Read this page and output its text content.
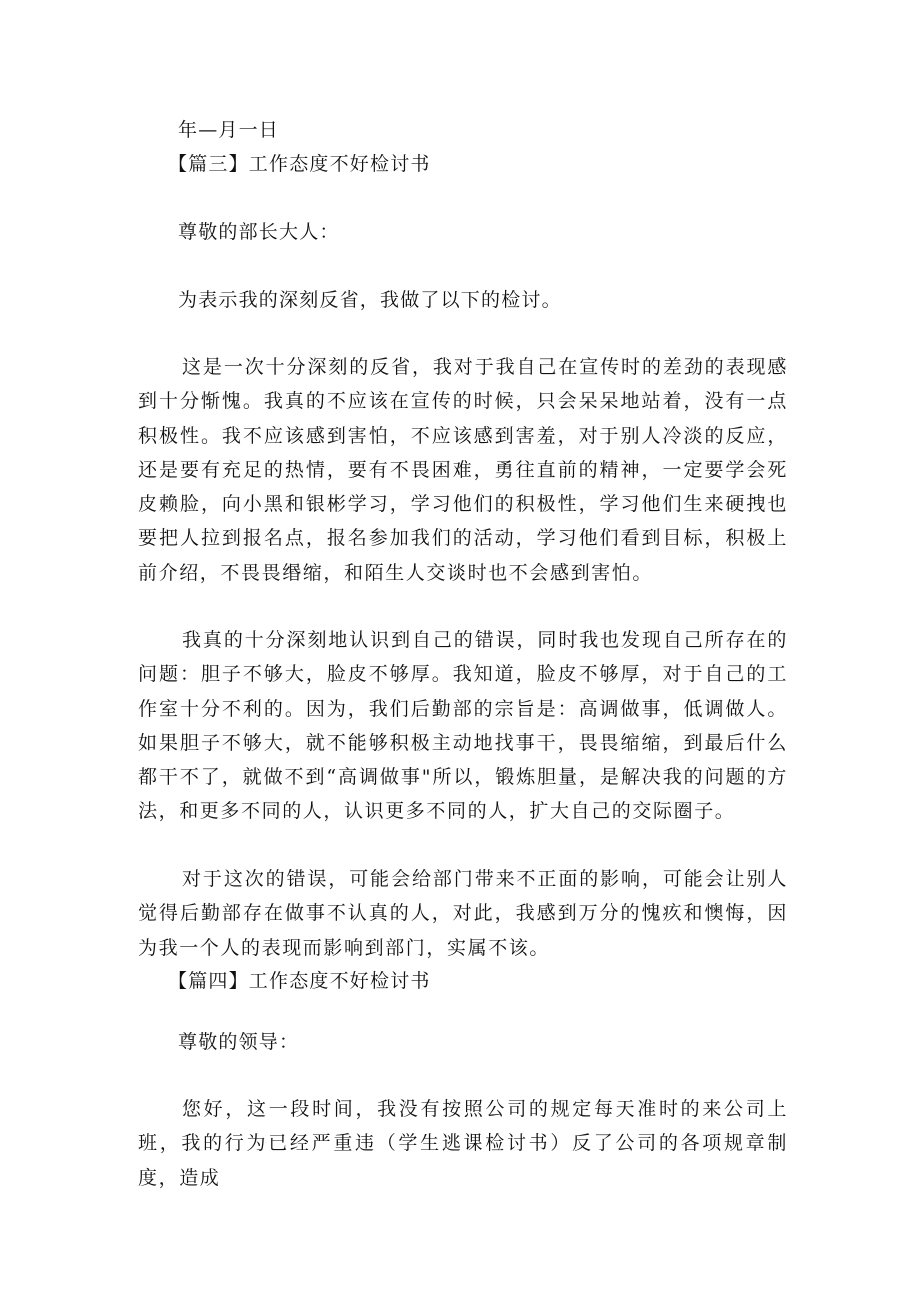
年—月一日
【篇三】工作态度不好检讨书
尊敬的部长大人：
为表示我的深刻反省，我做了以下的检讨。
这是一次十分深刻的反省，我对于我自己在宣传时的差劲的表现感到十分惭愧。我真的不应该在宣传的时候，只会呆呆地站着，没有一点积极性。我不应该感到害怕，不应该感到害羞，对于别人冷淡的反应，还是要有充足的热情，要有不畏困难，勇往直前的精神，一定要学会死皮赖脸，向小黑和银彬学习，学习他们的积极性，学习他们生来硬拽也要把人拉到报名点，报名参加我们的活动，学习他们看到目标，积极上前介绍，不畏畏缗缩，和陌生人交谈时也不会感到害怕。
我真的十分深刻地认识到自己的错误，同时我也发现自己所存在的问题：胆子不够大，脸皮不够厚。我知道，脸皮不够厚，对于自己的工作室十分不利的。因为，我们后勤部的宗旨是：高调做事，低调做人。如果胆子不够大，就不能够积极主动地找事干，畏畏缩缩，到最后什么都干不了，就做不到“高调做事"所以，锻炼胆量，是解决我的问题的方法，和更多不同的人，认识更多不同的人，扩大自己的交际圈子。
对于这次的错误，可能会给部门带来不正面的影响，可能会让别人觉得后勤部存在做事不认真的人，对此，我感到万分的愧疚和懊悔，因为我一个人的表现而影响到部门，实属不该。
【篇四】工作态度不好检讨书
尊敬的领导：
您好，这一段时间，我没有按照公司的规定每天准时的来公司上班，我的行为已经严重违（学生逃课检讨书）反了公司的各项规章制度，造成
